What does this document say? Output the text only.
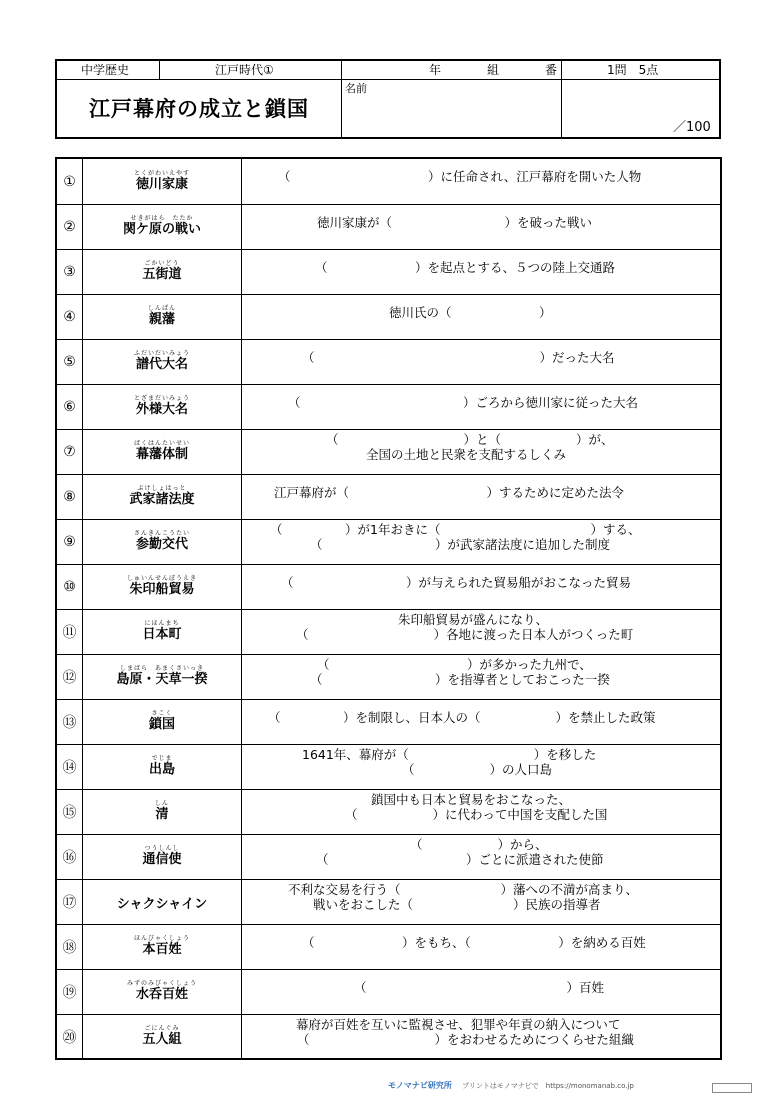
中学歴史	江戸時代①	年	組	番	1問　5点
江戸幕府の成立と鎖国
名前
／100
①
とくがわいえやす
徳川家康	（　　　　　　　　　　　）に任命され、江戸幕府を開いた人物
②
せきがはら　たたか
関ケ原の戦い	徳川家康が（　　　　　　　　　）を破った戦い
③
ごかいどう
五街道	（　　　　　　　）を起点とする、５つの陸上交通路
④
しんぱん
親藩	徳川氏の（　　　　　　　）
⑤
ふだいだいみょう
譜代大名	（　　　　　　　　　　　　　　　　　　）だった大名
⑥
とざまだいみょう
外様大名	（　　　　　　　　　　　　　）ごろから徳川家に従った大名
⑦
ばくはんたいせい
幕藩体制
（　　　　　　　　　　）と（　　　　　　）が、
全国の土地と民衆を支配するしくみ
⑧
ぶけしょはっと
武家諸法度	江戸幕府が（　　　　　　　　　　　）するために定めた法令
⑨
さんきんこうたい
参勤交代
（　　　　　）が1年おきに（　　　　　　　　　　　　）する、
（　　　　　　　　　）が武家諸法度に追加した制度
⑩
しゅいんせんぼうえき
朱印船貿易	（　　　　　　　　　）が与えられた貿易船がおこなった貿易
⑪
にほんまち
日本町
朱印船貿易が盛んになり、
（　　　　　　　　　　）各地に渡った日本人がつくった町
⑫
しまばら　あまくさいっき
島原・天草一揆
（　　　　　　　　　　　）が多かった九州で、
（　　　　　　　　　）を指導者としておこった一揆
⑬
さこく
鎖国	（　　　　　）を制限し、日本人の（　　　　　　）を禁止した政策
⑭
でじま
出島
1641年、幕府が（　　　　　　　　　　）を移した
（　　　　　　）の人口島
⑮
しん
清
鎖国中も日本と貿易をおこなった、
（　　　　　　）に代わって中国を支配した国
⑯
つうしんし
通信使
（　　　　　　）から、
（　　　　　　　　　　　）ごとに派遣された使節
⑰	シャクシャイン
不利な交易を行う（　　　　　　　　）藩への不満が高まり、
戦いをおこした（　　　　　　　　）民族の指導者
⑱
ほんびゃくしょう
本百姓	（　　　　　　　）をもち、（　　　　　　　）を納める百姓
⑲
みずのみびゃくしょう
水呑百姓	（　　　　　　　　　　　　　　　　）百姓
⑳
ごにんぐみ
五人組
幕府が百姓を互いに監視させ、犯罪や年貢の納入について
（　　　　　　　　　　）をおわせるためにつくらせた組織
モノマナビ研究所 プリントはモノマナビで　https://monomanab.co.jp
